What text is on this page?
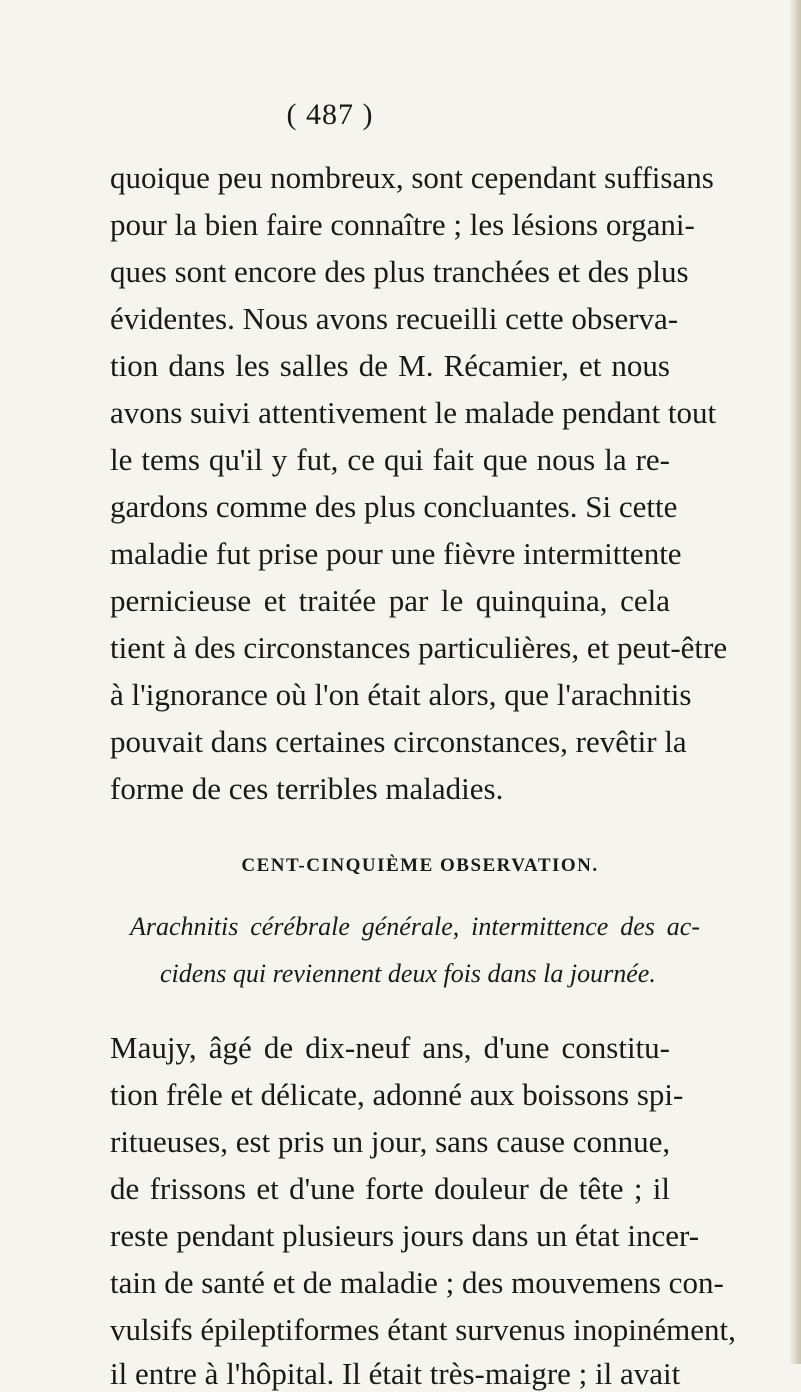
( 487 )
quoique peu nombreux, sont cependant suffisans
pour la bien faire connaître ; les lésions organi-
ques sont encore des plus tranchées et des plus
évidentes. Nous avons recueilli cette observa-
tion dans les salles de M. Récamier, et nous
avons suivi attentivement le malade pendant tout
le tems qu'il y fut, ce qui fait que nous la re-
gardons comme des plus concluantes. Si cette
maladie fut prise pour une fièvre intermittente
pernicieuse et traitée par le quinquina, cela
tient à des circonstances particulières, et peut-être
à l'ignorance où l'on était alors, que l'arachnitis
pouvait dans certaines circonstances, revêtir la
forme de ces terribles maladies.
CENT-CINQUIÈME OBSERVATION.
Arachnitis cérébrale générale, intermittence des ac-
cidens qui reviennent deux fois dans la journée.
Maujy, âgé de dix-neuf ans, d'une constitu-
tion frêle et délicate, adonné aux boissons spi-
ritueuses, est pris un jour, sans cause connue,
de frissons et d'une forte douleur de tête ; il
reste pendant plusieurs jours dans un état incer-
tain de santé et de maladie ; des mouvemens con-
vulsifs épileptiformes étant survenus inopinément,
il entre à l'hôpital. Il était très-maigre ; il avait
